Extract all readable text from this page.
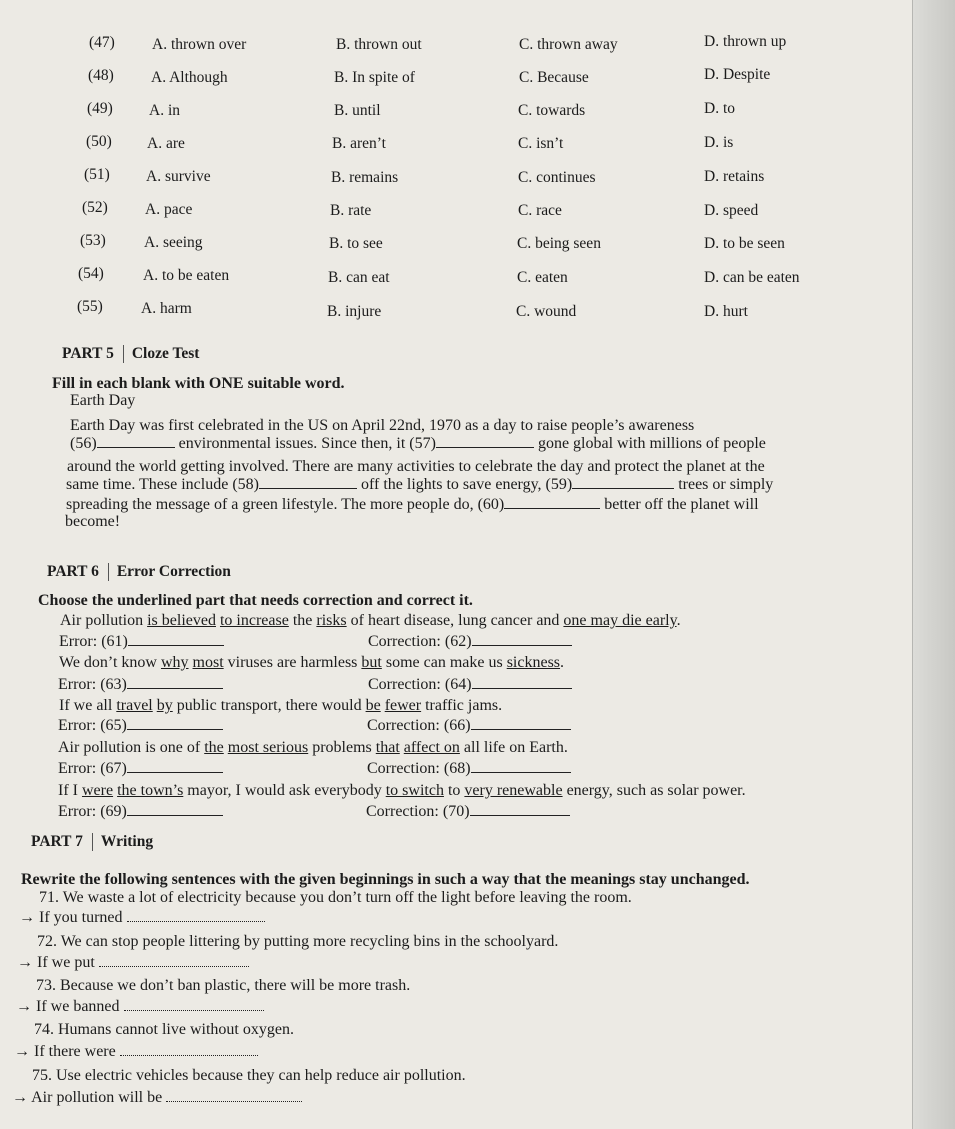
(47) A. thrown over	B. thrown out	C. thrown away	D. thrown up
(48) A. Although	B. In spite of	C. Because	D. Despite
(49) A. in	B. until	C. towards	D. to
(50) A. are	B. aren’t	C. isn’t	D. is
(51) A. survive	B. remains	C. continues	D. retains
(52) A. pace	B. rate	C. race	D. speed
(53) A. seeing	B. to see	C. being seen	D. to be seen
(54)	A. to be eaten	B. can eat	C. eaten	D. can be eaten
(55) A. harm	B. injure	C. wound	D. hurt
PART 5 Cloze Test
Fill in each blank with ONE suitable word.
Earth Day
Earth Day was first celebrated in the US on April 22nd, 1970 as a day to raise people’s awareness
(56)	environmental issues. Since then, it (57)	gone global with millions of people
around the world getting involved. There are many activities to celebrate the day and protect the planet at the
same time. These include (58)	off the lights to save energy, (59)	trees or simply
spreading the message of a green lifestyle. The more people do, (60)	better off the planet will
become!
PART 6 Error Correction
Choose the underlined part that needs correction and correct it.
Air pollution is believed to increase the risks of heart disease, lung cancer and one may die early.
Error: (61)	Correction: (62)
We don’t know why most viruses are harmless but some can make us sickness.
Error: (63)	Correction: (64)
If we all travel by public transport, there would be fewer traffic jams.
Error: (65)	Correction: (66)
Air pollution is one of the most serious problems that affect on all life on Earth.
Error: (67)	Correction: (68)
If I were the town’s mayor, I would ask everybody to switch to very renewable energy, such as solar power.
Error: (69)	Correction: (70)
PART 7 Writing
Rewrite the following sentences with the given beginnings in such a way that the meanings stay unchanged.
71. We waste a lot of electricity because you don’t turn off the light before leaving the room.
→ If you turned
72. We can stop people littering by putting more recycling bins in the schoolyard.
→ If we put
73. Because we don’t ban plastic, there will be more trash.
→ If we banned
74. Humans cannot live without oxygen.
→ If there were
75. Use electric vehicles because they can help reduce air pollution.
→ Air pollution will be
